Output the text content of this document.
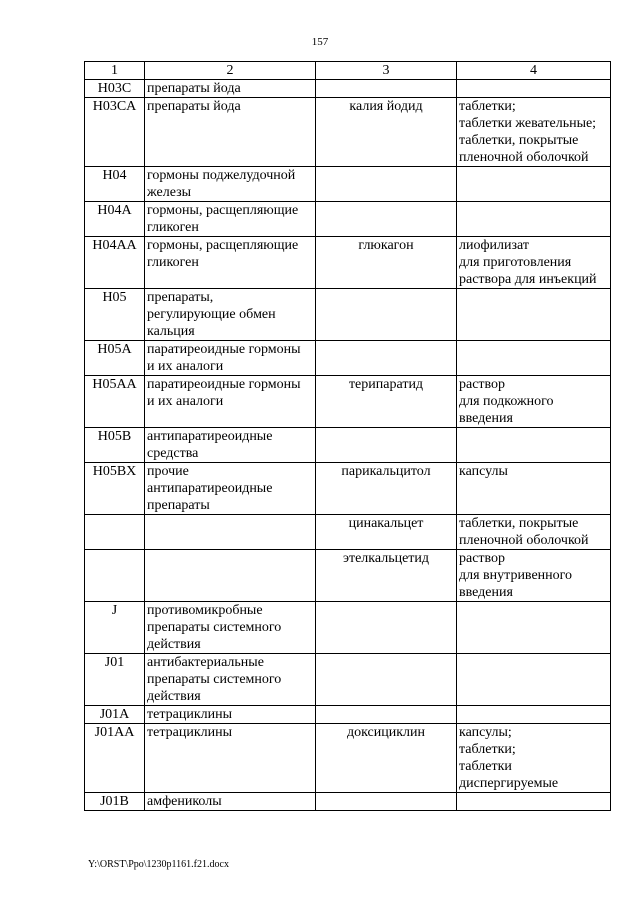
157
1	2	3	4
H03C	препараты йода		

H03CA	препараты йода	калия йодид	таблетки;
таблетки жевательные;
таблетки, покрытые
пленочной оболочкой

H04	гормоны поджелудочной
железы		

H04A	гормоны, расщепляющие
гликоген		

H04AA	гормоны, расщепляющие
гликоген	глюкагон	лиофилизат
для приготовления
раствора для инъекций

H05	препараты,
регулирующие обмен
кальция		

H05A	паратиреоидные гормоны
и их аналоги		

H05AA	паратиреоидные гормоны
и их аналоги	терипаратид	раствор
для подкожного
введения

H05B	антипаратиреоидные
средства		

H05BX	прочие
антипаратиреоидные
препараты	парикальцитол	капсулы

		цинакальцет	таблетки, покрытые
пленочной оболочкой

		этелкальцетид	раствор
для внутривенного
введения

J	противомикробные
препараты системного
действия		

J01	антибактериальные
препараты системного
действия		

J01A	тетрациклины		

J01AA	тетрациклины	доксициклин	капсулы;
таблетки;
таблетки
диспергируемые

J01B	амфениколы		

Y:\ORST\Ppo\1230p1161.f21.docx
